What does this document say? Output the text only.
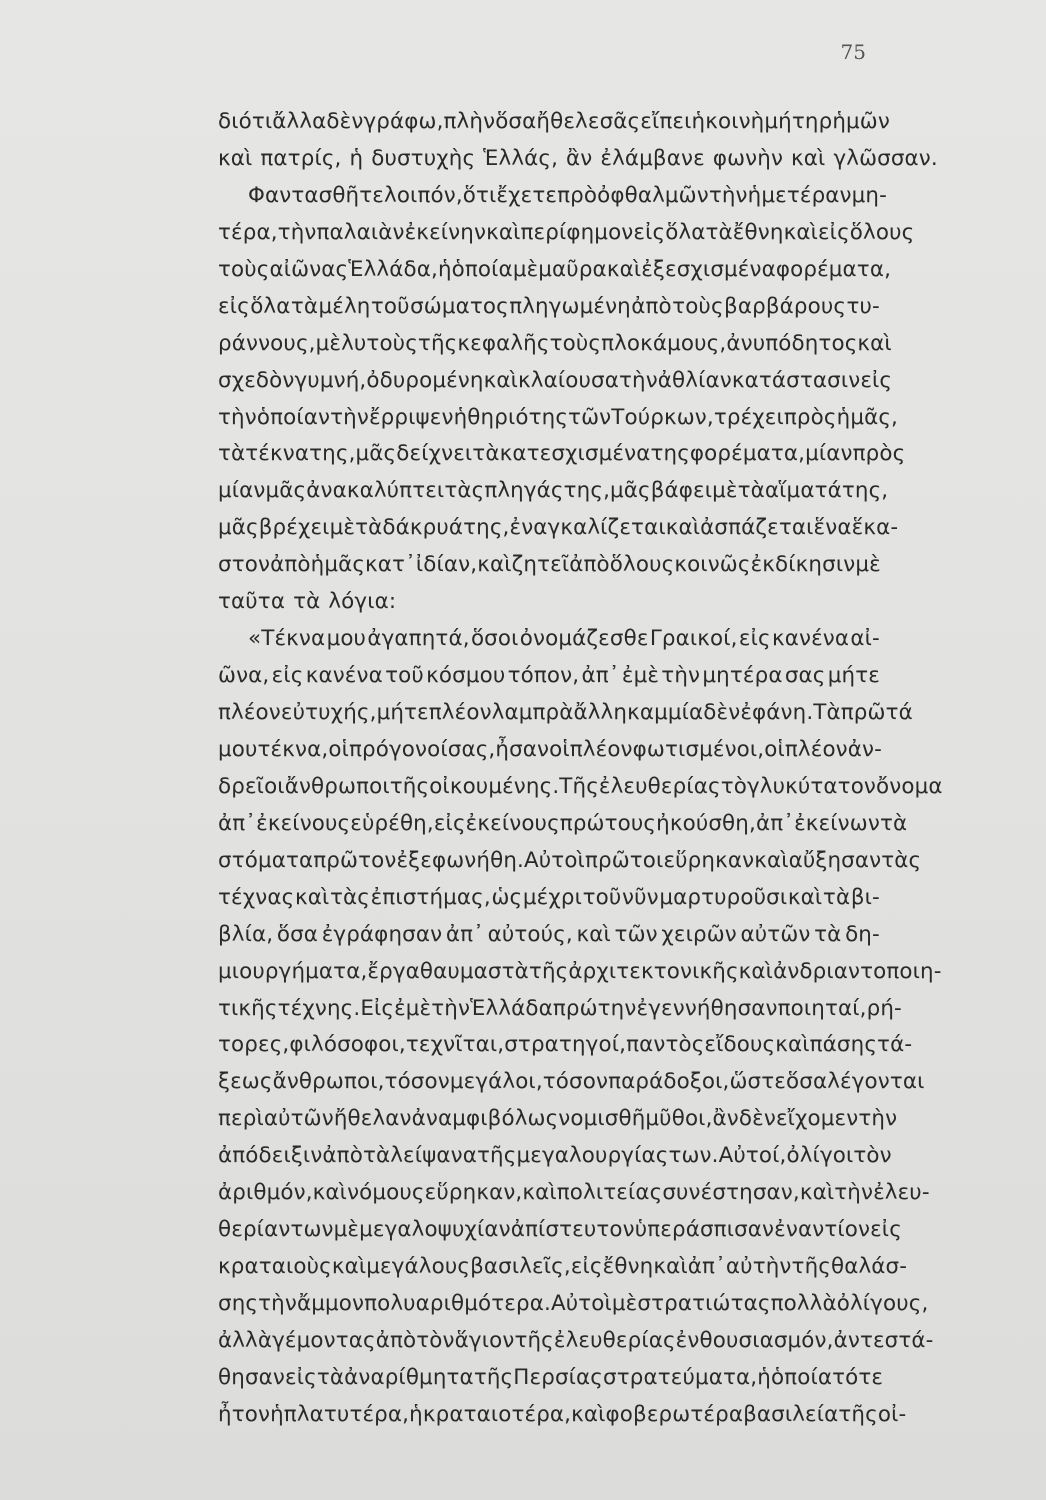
75
διότι ἄλλα δὲν γράφω, πλὴν ὅσα ἤθελε σᾶς εἴπει ἡ κοινὴ μήτηρ ἡμῶν
καὶ πατρίς, ἡ δυστυχὴς Ἑλλάς, ἂν ἐλάμβανε φωνὴν καὶ γλῶσσαν.
Φαντασθῆτε λοιπόν, ὅτι ἔχετε πρὸ ὀφθαλμῶν τὴν ἡμετέραν μη-
τέρα, τὴν παλαιὰν ἐκείνην καὶ περίφημον εἰς ὅλα τὰ ἔθνη καὶ εἰς ὅλους
τοὺς αἰῶνας Ἑλλάδα, ἡ ὁποία μὲ μαῦρα καὶ ἐξεσχισμένα φορέματα,
εἰς ὅλα τὰ μέλη τοῦ σώματος πληγωμένη ἀπὸ τοὺς βαρβάρους τυ-
ράννους, μὲ λυτοὺς τῆς κεφαλῆς τοὺς πλοκάμους, ἀνυπόδητος καὶ
σχεδὸν γυμνή, ὀδυρομένη καὶ κλαίουσα τὴν ἀθλίαν κατάστασιν εἰς
τὴν ὁποίαν τὴν ἔρριψεν ἡ θηριότης τῶν Τούρκων, τρέχει πρὸς ἡμᾶς,
τὰ τέκνα της, μᾶς δείχνει τὰ κατεσχισμένα της φορέματα, μίαν πρὸς
μίαν μᾶς ἀνακαλύπτει τὰς πληγάς της, μᾶς βάφει μὲ τὰ αἵματά της,
μᾶς βρέχει μὲ τὰ δάκρυά της, ἐναγκαλίζεται καὶ ἀσπάζεται ἕνα ἕκα-
στον ἀπὸ ἡμᾶς κατ᾽ ἰδίαν, καὶ ζητεῖ ἀπὸ ὅλους κοινῶς ἐκδίκησιν μὲ
ταῦτα τὰ λόγια:
«Τέκνα μου ἀγαπητά, ὅσοι ὀνομάζεσθε Γραικοί, εἰς κανένα αἰ-
ῶνα, εἰς κανένα τοῦ κόσμου τόπον, ἀπ᾽ ἐμὲ τὴν μητέρα σας μήτε
πλέον εὐτυχής, μήτε πλέον λαμπρὰ ἄλλη καμμία δὲν ἐφάνη. Τὰ πρῶτά
μου τέκνα, οἱ πρόγονοί σας, ἦσαν οἱ πλέον φωτισμένοι, οἱ πλέον ἀν-
δρεῖοι ἄνθρωποι τῆς οἰκουμένης. Τῆς ἐλευθερίας τὸ γλυκύτατον ὄνομα
ἀπ᾽ ἐκείνους εὑρέθη, εἰς ἐκείνους πρώτους ἠκούσθη, ἀπ᾽ ἐκείνων τὰ
στόματα πρῶτον ἐξεφωνήθη. Αὐτοὶ πρῶτοι εὕρηκαν καὶ αὔξησαν τὰς
τέχνας καὶ τὰς ἐπιστήμας, ὡς μέχρι τοῦ νῦν μαρτυροῦσι καὶ τὰ βι-
βλία, ὅσα ἐγράφησαν ἀπ᾽ αὐτούς, καὶ τῶν χειρῶν αὐτῶν τὰ δη-
μιουργήματα, ἔργα θαυμαστὰ τῆς ἀρχιτεκτονικῆς καὶ ἀνδριαντοποιη-
τικῆς τέχνης. Εἰς ἐμὲ τὴν Ἑλλάδα πρώτην ἐγεννήθησαν ποιηταί, ρή-
τορες, φιλόσοφοι, τεχνῖται, στρατηγοί, παντὸς εἴδους καὶ πάσης τά-
ξεως ἄνθρωποι, τόσον μεγάλοι, τόσον παράδοξοι, ὥστε ὅσα λέγονται
περὶ αὐτῶν ἤθελαν ἀναμφιβόλως νομισθῆ μῦθοι, ἂν δὲν εἴχομεν τὴν
ἀπόδειξιν ἀπὸ τὰ λείψανα τῆς μεγαλουργίας των. Αὐτοί, ὀλίγοι τὸν
ἀριθμόν, καὶ νόμους εὕρηκαν, καὶ πολιτείας συνέστησαν, καὶ τὴν ἐλευ-
θερίαν των μὲ μεγαλοψυχίαν ἀπίστευτον ὑπεράσπισαν ἐναντίον εἰς
κραταιοὺς καὶ μεγάλους βασιλεῖς, εἰς ἔθνη καὶ ἀπ᾽ αὐτὴν τῆς θαλάσ-
σης τὴν ἄμμον πολυαριθμότερα. Αὐτοὶ μὲ στρατιώτας πολλὰ ὀλίγους,
ἀλλὰ γέμοντας ἀπὸ τὸν ἅγιον τῆς ἐλευθερίας ἐνθουσιασμόν, ἀντεστά-
θησαν εἰς τὰ ἀναρίθμητα τῆς Περσίας στρατεύματα, ἡ ὁποία τότε
ἦτον ἡ πλατυτέρα, ἡ κραταιοτέρα, καὶ φοβερωτέρα βασιλεία τῆς οἰ-
